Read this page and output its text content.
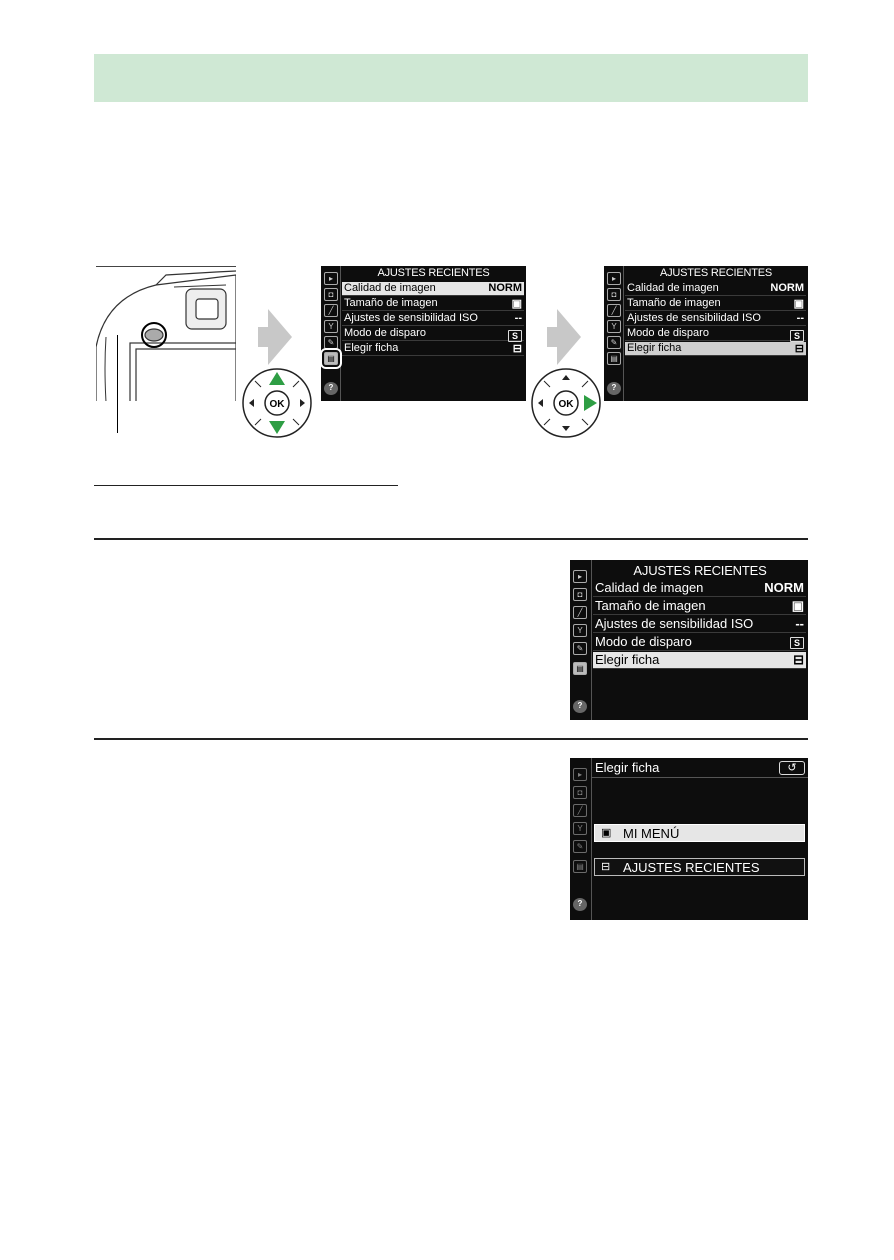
OK
▸
◘
╱
Y
✎
▤
?
AJUSTES RECIENTES
Calidad de imagen	NORM
Tamaño de imagen	▣
Ajustes de sensibilidad ISO	--
Modo de disparo	S
Elegir ficha	⊟
OK
▸
◘
╱
Y
✎
▤
?
AJUSTES RECIENTES
Calidad de imagen	NORM
Tamaño de imagen	▣
Ajustes de sensibilidad ISO	--
Modo de disparo	S
Elegir ficha	⊟
▸
◘
╱
Y
✎
▤
?
AJUSTES RECIENTES
Calidad de imagen	NORM
Tamaño de imagen	▣
Ajustes de sensibilidad ISO	--
Modo de disparo	S
Elegir ficha	⊟
▸
◘
╱
Y
✎
▤
?
Elegir ficha	↺
▣ MI MENÚ
⊟ AJUSTES RECIENTES
